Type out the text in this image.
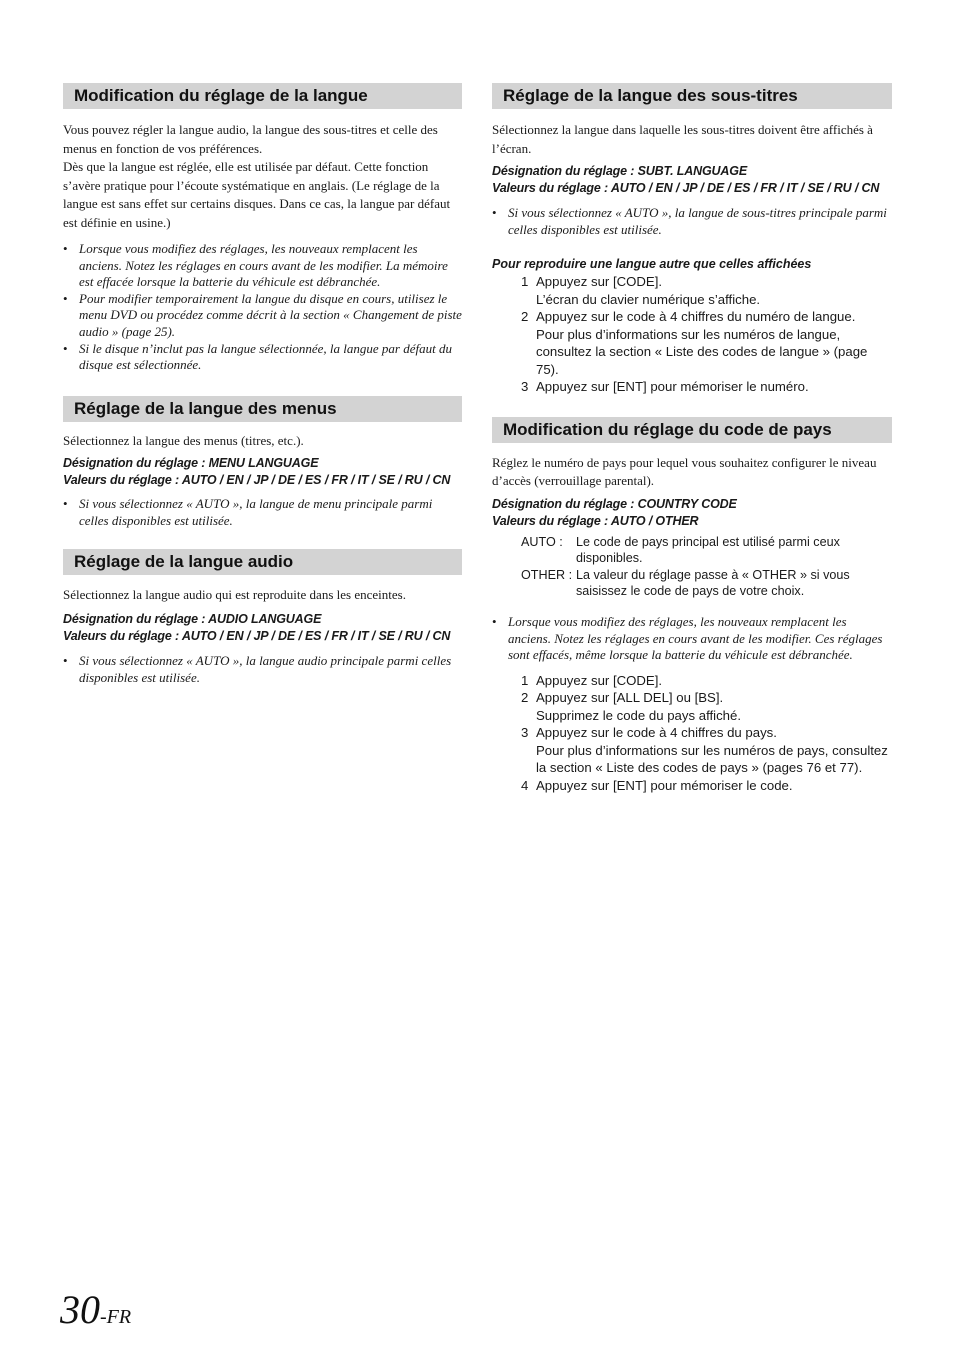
Modification du réglage de la langue

Vous pouvez régler la langue audio, la langue des sous-titres et celle des menus en fonction de vos préférences.

Dès que la langue est réglée, elle est utilisée par défaut. Cette fonction s’avère pratique pour l’écoute systématique en anglais. (Le réglage de la langue est sans effet sur certains disques. Dans ce cas, la langue par défaut est définie en usine.)

• Lorsque vous modifiez des réglages, les nouveaux remplacent les anciens. Notez les réglages en cours avant de les modifier. La mémoire est effacée lorsque la batterie du véhicule est débranchée.
• Pour modifier temporairement la langue du disque en cours, utilisez le menu DVD ou procédez comme décrit à la section « Changement de piste audio » (page 25).
• Si le disque n’inclut pas la langue sélectionnée, la langue par défaut du disque est sélectionnée.
Réglage de la langue des menus

Sélectionnez la langue des menus (titres, etc.).

Désignation du réglage : MENU LANGUAGE
Valeurs du réglage : AUTO / EN / JP / DE / ES / FR / IT / SE / RU / CN
• Si vous sélectionnez « AUTO », la langue de menu principale parmi celles disponibles est utilisée.
Réglage de la langue audio

Sélectionnez la langue audio qui est reproduite dans les enceintes.

Désignation du réglage : AUDIO LANGUAGE
Valeurs du réglage : AUTO / EN / JP / DE / ES / FR / IT / SE / RU / CN
• Si vous sélectionnez « AUTO », la langue audio principale parmi celles disponibles est utilisée.
Réglage de la langue des sous-titres

Sélectionnez la langue dans laquelle les sous-titres doivent être affichés à l’écran.

Désignation du réglage : SUBT. LANGUAGE
Valeurs du réglage : AUTO / EN / JP / DE / ES / FR / IT / SE / RU / CN
• Si vous sélectionnez « AUTO », la langue de sous-titres principale parmi celles disponibles est utilisée.
Pour reproduire une langue autre que celles affichées
1 Appuyez sur [CODE].
L’écran du clavier numérique s’affiche.
2 Appuyez sur le code à 4 chiffres du numéro de langue.
Pour plus d’informations sur les numéros de langue, consultez la section « Liste des codes de langue » (page 75).
3 Appuyez sur [ENT] pour mémoriser le numéro.
Modification du réglage du code de pays

Réglez le numéro de pays pour lequel vous souhaitez configurer le niveau d’accès (verrouillage parental).

Désignation du réglage : COUNTRY CODE
Valeurs du réglage : AUTO / OTHER
AUTO : Le code de pays principal est utilisé parmi ceux disponibles.
OTHER : La valeur du réglage passe à « OTHER » si vous saisissez le code de pays de votre choix.
• Lorsque vous modifiez des réglages, les nouveaux remplacent les anciens. Notez les réglages en cours avant de les modifier. Ces réglages sont effacés, même lorsque la batterie du véhicule est débranchée.
1 Appuyez sur [CODE].
2 Appuyez sur [ALL DEL] ou [BS].
Supprimez le code du pays affiché.
3 Appuyez sur le code à 4 chiffres du pays.
Pour plus d’informations sur les numéros de pays, consultez la section « Liste des codes de pays » (pages 76 et 77).
4 Appuyez sur [ENT] pour mémoriser le code.
30-FR
